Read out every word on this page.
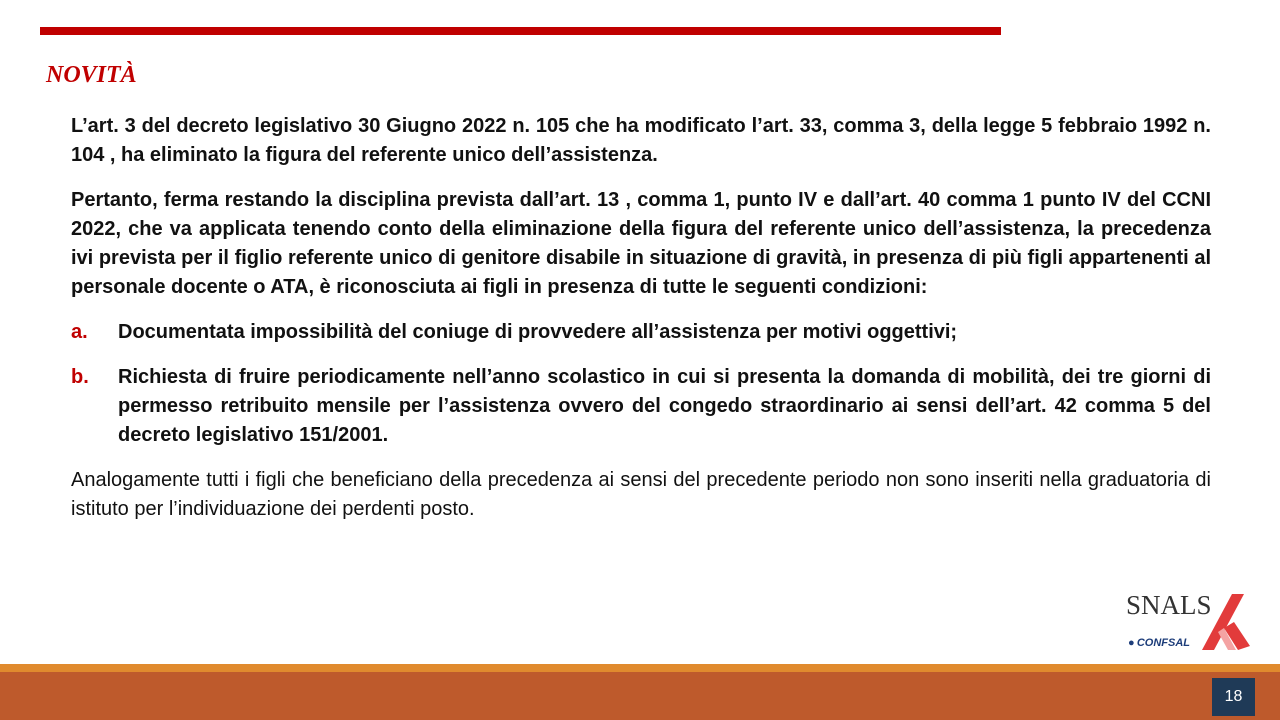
NOVITÀ

L’art. 3 del decreto legislativo 30 Giugno 2022 n. 105 che ha modificato l’art. 33, comma 3, della legge 5 febbraio 1992 n. 104 , ha eliminato la figura del referente unico dell’assistenza.

Pertanto, ferma restando la disciplina prevista dall’art. 13 , comma 1, punto IV e dall’art. 40 comma 1 punto IV del CCNI 2022, che va applicata tenendo conto della eliminazione della figura del referente unico dell’assistenza, la precedenza ivi prevista per il figlio referente unico di genitore disabile in situazione di gravità, in presenza di più figli appartenenti al personale docente o ATA, è riconosciuta ai figli in presenza di tutte le seguenti condizioni:

a.	Documentata impossibilità del coniuge di provvedere all’assistenza per motivi oggettivi;
b.	Richiesta di fruire periodicamente nell’anno scolastico in cui si presenta la domanda di mobilità, dei tre giorni di permesso retribuito mensile per l’assistenza ovvero del congedo straordinario ai sensi dell’art. 42 comma 5 del decreto legislativo 151/2001.

Analogamente tutti i figli che beneficiano della precedenza ai sensi del precedente periodo non sono inseriti nella graduatoria di istituto per l’individuazione dei perdenti posto.

SNALS
● CONFSAL
18
